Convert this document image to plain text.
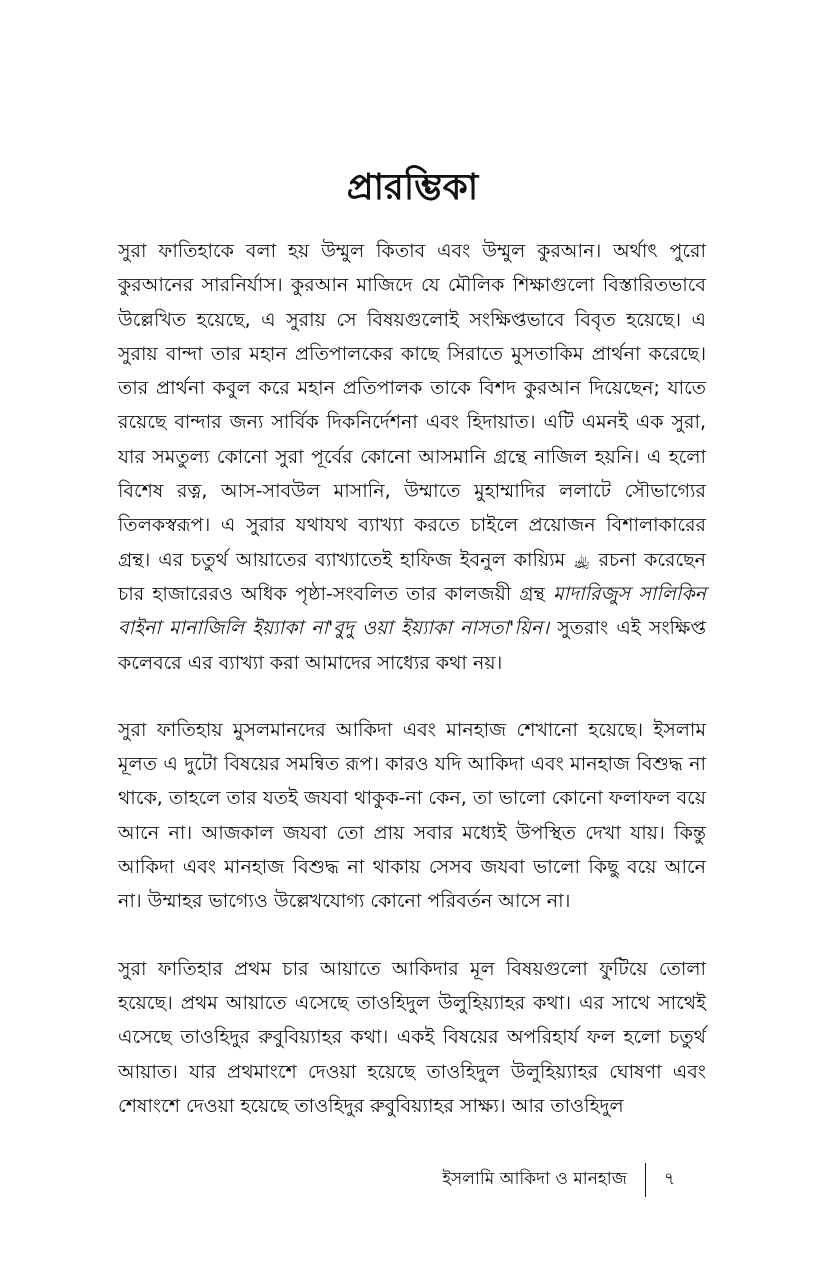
প্রারম্ভিকা

সুরা ফাতিহাকে বলা হয় উম্মুল কিতাব এবং উম্মুল কুরআন। অর্থাৎ পুরো কুরআনের সারনির্যাস। কুরআন মাজিদে যে মৌলিক শিক্ষাগুলো বিস্তারিতভাবে উল্লেখিত হয়েছে, এ সুরায় সে বিষয়গুলোই সংক্ষিপ্তভাবে বিবৃত হয়েছে। এ সুরায় বান্দা তার মহান প্রতিপালকের কাছে সিরাতে মুসতাকিম প্রার্থনা করেছে। তার প্রার্থনা কবুল করে মহান প্রতিপালক তাকে বিশদ কুরআন দিয়েছেন; যাতে রয়েছে বান্দার জন্য সার্বিক দিকনির্দেশনা এবং হিদায়াত। এটি এমনই এক সুরা, যার সমতুল্য কোনো সুরা পূর্বের কোনো আসমানি গ্রন্থে নাজিল হয়নি। এ হলো বিশেষ রত্ন, আস-সাবউল মাসানি, উম্মাতে মুহাম্মাদির ললাটে সৌভাগ্যের তিলকস্বরূপ। এ সুরার যথাযথ ব্যাখ্যা করতে চাইলে প্রয়োজন বিশালাকারের গ্রন্থ। এর চতুর্থ আয়াতের ব্যাখ্যাতেই হাফিজ ইবনুল কায়্যিম ﵀ রচনা করেছেন চার হাজারেরও অধিক পৃষ্ঠা-সংবলিত তার কালজয়ী গ্রন্থ মাদারিজুস সালিকিন বাইনা মানাজিলি ইয়্যাকা না'বুদু ওয়া ইয়্যাকা নাসতা'য়িন। সুতরাং এই সংক্ষিপ্ত কলেবরে এর ব্যাখ্যা করা আমাদের সাধ্যের কথা নয়।

সুরা ফাতিহায় মুসলমানদের আকিদা এবং মানহাজ শেখানো হয়েছে। ইসলাম মূলত এ দুটো বিষয়ের সমন্বিত রূপ। কারও যদি আকিদা এবং মানহাজ বিশুদ্ধ না থাকে, তাহলে তার যতই জযবা থাকুক-না কেন, তা ভালো কোনো ফলাফল বয়ে আনে না। আজকাল জযবা তো প্রায় সবার মধ্যেই উপস্থিত দেখা যায়। কিন্তু আকিদা এবং মানহাজ বিশুদ্ধ না থাকায় সেসব জযবা ভালো কিছু বয়ে আনে না। উম্মাহর ভাগ্যেও উল্লেখযোগ্য কোনো পরিবর্তন আসে না।

সুরা ফাতিহার প্রথম চার আয়াতে আকিদার মূল বিষয়গুলো ফুটিয়ে তোলা হয়েছে। প্রথম আয়াতে এসেছে তাওহিদুল উলুহিয়্যাহর কথা। এর সাথে সাথেই এসেছে তাওহিদুর রুবুবিয়্যাহর কথা। একই বিষয়ের অপরিহার্য ফল হলো চতুর্থ আয়াত। যার প্রথমাংশে দেওয়া হয়েছে তাওহিদুল উলুহিয়্যাহর ঘোষণা এবং শেষাংশে দেওয়া হয়েছে তাওহিদুর রুবুবিয়্যাহর সাক্ষ্য। আর তাওহিদুল

ইসলামি আকিদা ও মানহাজ ৭
